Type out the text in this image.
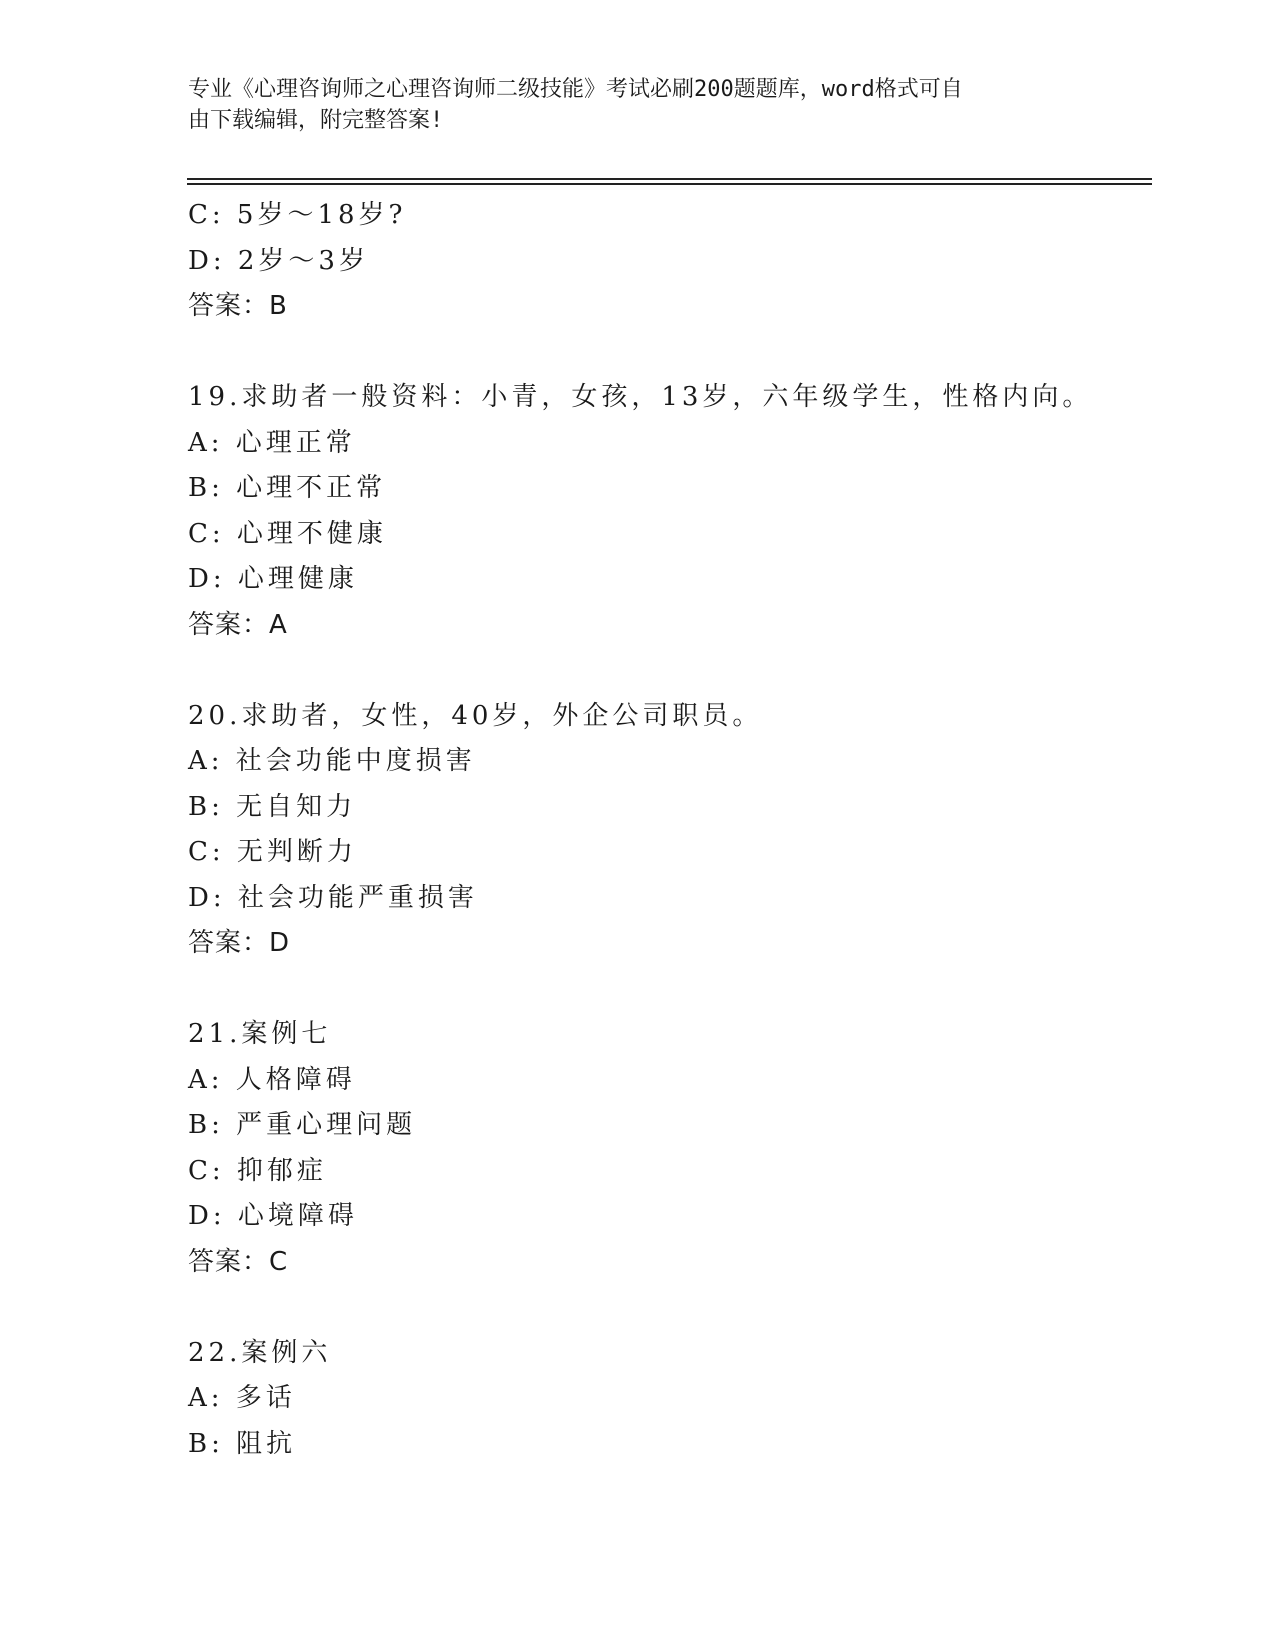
专业《心理咨询师之心理咨询师二级技能》考试必刷200题题库，word格式可自
由下载编辑，附完整答案!
C: 5岁～18岁?
D: 2岁～3岁
答案：B
19.求助者一般资料：小青，女孩，13岁，六年级学生，性格内向。
A: 心理正常
B: 心理不正常
C: 心理不健康
D: 心理健康
答案：A
20.求助者，女性，40岁，外企公司职员。
A: 社会功能中度损害
B: 无自知力
C: 无判断力
D: 社会功能严重损害
答案：D
21.案例七
A: 人格障碍
B: 严重心理问题
C: 抑郁症
D: 心境障碍
答案：C
22.案例六
A: 多话
B: 阻抗
